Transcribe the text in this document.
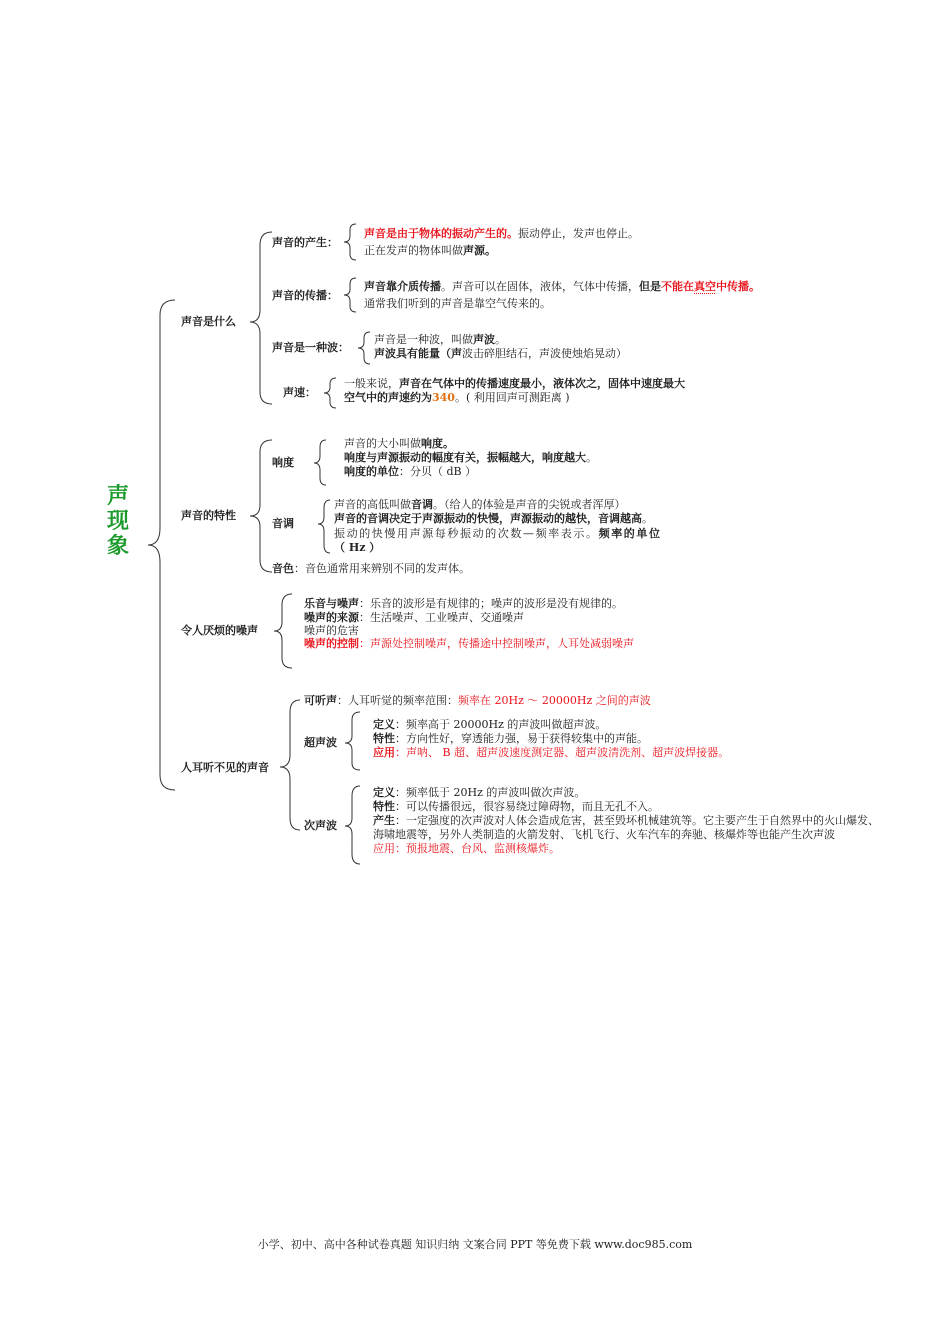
声
现
象
声音是什么
声音的产生：
声音是由于物体的振动产生的。振动停止，发声也停止。
正在发声的物体叫做声源。
声音的传播：
声音靠介质传播。声音可以在固体，液体，气体中传播，但是不能在真空中传播。
通常我们听到的声音是靠空气传来的。
声音是一种波：
声音是一种波，叫做声波。
声波具有能量（声波击碎胆结石，声波使烛焰晃动）
声速：
一般来说，声音在气体中的传播速度最小，液体次之，固体中速度最大
空气中的声速约为340。( 利用回声可测距离 )
声音的特性
响度
声音的大小叫做响度。
响度与声源振动的幅度有关，振幅越大，响度越大。
响度的单位：分贝（ dB ）
音调
声音的高低叫做音调。（给人的体验是声音的尖锐或者浑厚）
声音的音调决定于声源振动的快慢，声源振动的越快，音调越高。
振动的快慢用声源每秒振动的次数—频率表示。频率的单位
（ Hz ）
音色：音色通常用来辨别不同的发声体。
令人厌烦的噪声
乐音与噪声：乐音的波形是有规律的；噪声的波形是没有规律的。
噪声的来源：生活噪声、工业噪声、交通噪声
噪声的危害
噪声的控制：声源处控制噪声，传播途中控制噪声，人耳处减弱噪声
人耳听不见的声音
可听声：人耳听觉的频率范围：频率在 20Hz ～ 20000Hz 之间的声波
超声波
定义：频率高于 20000Hz 的声波叫做超声波。
特性：方向性好，穿透能力强，易于获得较集中的声能。
应用：声呐、 B 超、超声波速度测定器、超声波清洗剂、超声波焊接器。
次声波
定义：频率低于 20Hz 的声波叫做次声波。
特性：可以传播很远，很容易绕过障碍物，而且无孔不入。
产生：一定强度的次声波对人体会造成危害，甚至毁坏机械建筑等。它主要产生于自然界中的火山爆发、
海啸地震等，另外人类制造的火箭发射、飞机飞行、火车汽车的奔驰、核爆炸等也能产生次声波
应用：预报地震、台风、监测核爆炸。
小学、初中、高中各种试卷真题 知识归纳 文案合同 PPT 等免费下载 www.doc985.com
